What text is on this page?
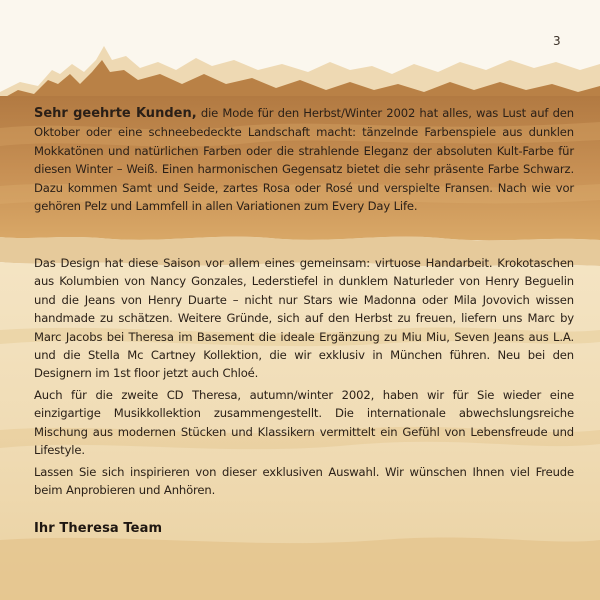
3

Sehr geehrte Kunden, die Mode für den Herbst/Winter 2002 hat alles, was Lust auf den Oktober oder eine schneebedeckte Landschaft macht: tänzelnde Farbenspiele aus dunklen Mokkatönen und natürlichen Farben oder die strahlende Eleganz der absoluten Kult-Farbe für diesen Winter – Weiß. Einen harmonischen Gegensatz bietet die sehr präsente Farbe Schwarz. Dazu kommen Samt und Seide, zartes Rosa oder Rosé und verspielte Fransen. Nach wie vor gehören Pelz und Lammfell in allen Variationen zum Every Day Life.

Das Design hat diese Saison vor allem eines gemeinsam: virtuose Handarbeit. Krokotaschen aus Kolumbien von Nancy Gonzales, Lederstiefel in dunklem Naturleder von Henry Beguelin und die Jeans von Henry Duarte – nicht nur Stars wie Madonna oder Mila Jovovich wissen handmade zu schätzen. Weitere Gründe, sich auf den Herbst zu freuen, liefern uns Marc by Marc Jacobs bei Theresa im Basement die ideale Ergänzung zu Miu Miu, Seven Jeans aus L.A. und die Stella Mc Cartney Kollektion, die wir exklusiv in München führen. Neu bei den Designern im 1st floor jetzt auch Chloé.

Auch für die zweite CD Theresa, autumn/winter 2002, haben wir für Sie wieder eine einzigartige Musikkollektion zusammengestellt. Die internationale abwechslungsreiche Mischung aus modernen Stücken und Klassikern vermittelt ein Gefühl von Lebensfreude und Lifestyle.

Lassen Sie sich inspirieren von dieser exklusiven Auswahl. Wir wünschen Ihnen viel Freude beim Anprobieren und Anhören.

Ihr Theresa Team
